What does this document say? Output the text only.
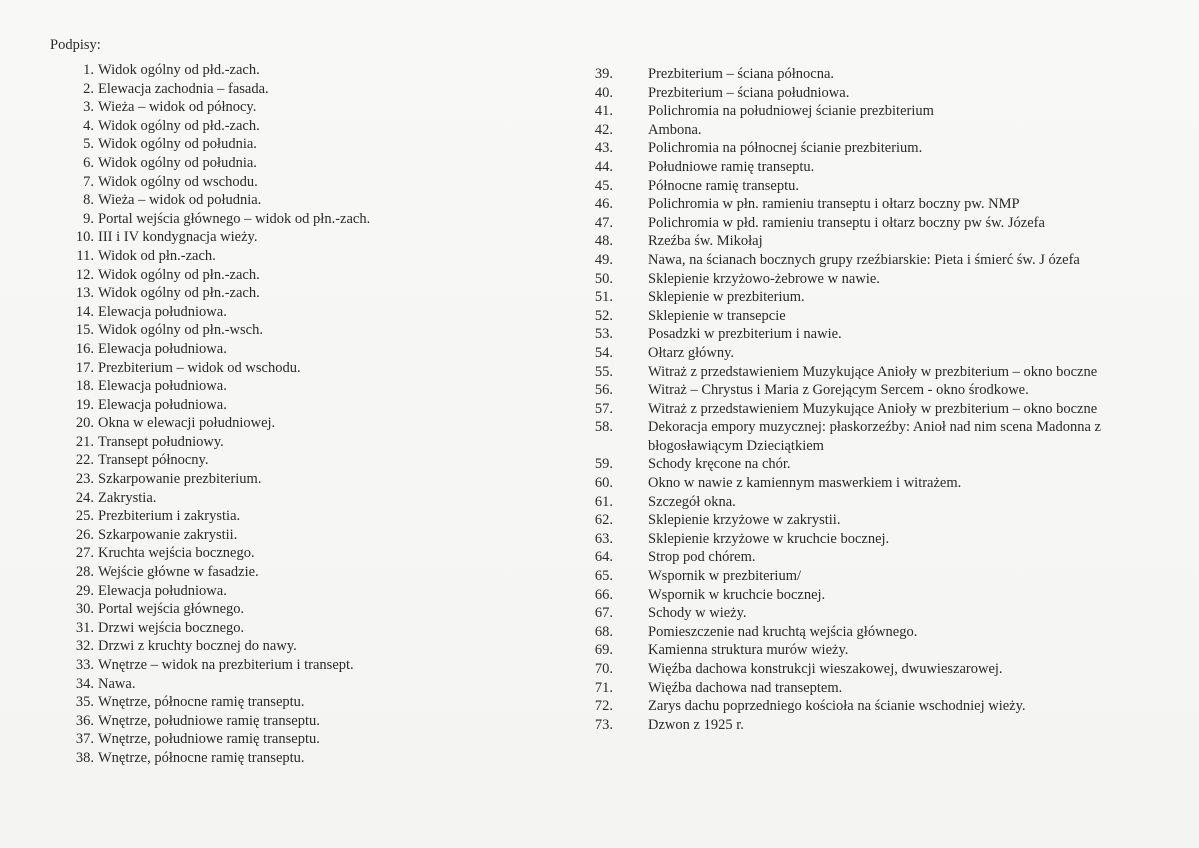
Podpisy:
1. Widok ogólny od płd.-zach.
2. Elewacja zachodnia – fasada.
3. Wieża – widok od północy.
4. Widok ogólny od płd.-zach.
5. Widok ogólny od południa.
6. Widok ogólny od południa.
7. Widok ogólny od wschodu.
8. Wieża – widok od południa.
9. Portal wejścia głównego – widok od płn.-zach.
10. III i IV kondygnacja wieży.
11. Widok od płn.-zach.
12. Widok ogólny od płn.-zach.
13. Widok ogólny od płn.-zach.
14. Elewacja południowa.
15. Widok ogólny od płn.-wsch.
16. Elewacja południowa.
17. Prezbiterium – widok od wschodu.
18. Elewacja południowa.
19. Elewacja południowa.
20. Okna w elewacji południowej.
21. Transept południowy.
22. Transept północny.
23. Szkarpowanie prezbiterium.
24. Zakrystia.
25. Prezbiterium i zakrystia.
26. Szkarpowanie zakrystii.
27. Kruchta wejścia bocznego.
28. Wejście główne w fasadzie.
29. Elewacja południowa.
30. Portal wejścia głównego.
31. Drzwi wejścia bocznego.
32. Drzwi z kruchty bocznej do nawy.
33. Wnętrze – widok na prezbiterium i transept.
34. Nawa.
35. Wnętrze, północne ramię transeptu.
36. Wnętrze, południowe ramię transeptu.
37. Wnętrze, południowe ramię transeptu.
38. Wnętrze, północne ramię transeptu.
39.	Prezbiterium – ściana północna.
40.	Prezbiterium – ściana południowa.
41.	Polichromia na południowej ścianie prezbiterium
42.	Ambona.
43.	Polichromia na północnej ścianie prezbiterium.
44.	Południowe ramię transeptu.
45.	Północne ramię transeptu.
46.	Polichromia w płn. ramieniu transeptu i ołtarz boczny pw. NMP
47.	Polichromia w płd. ramieniu transeptu i ołtarz boczny pw św. Józefa
48.	Rzeźba św. Mikołaj
49.	Nawa, na ścianach bocznych grupy rzeźbiarskie: Pieta i śmierć św. J ózefa
50.	Sklepienie krzyżowo-żebrowe w nawie.
51.	Sklepienie w prezbiterium.
52.	Sklepienie w transepcie
53.	Posadzki w prezbiterium i nawie.
54.	Ołtarz główny.
55.	Witraż z przedstawieniem Muzykujące Anioły w prezbiterium – okno boczne
56.	Witraż – Chrystus i Maria z Gorejącym Sercem - okno środkowe.
57.	Witraż z przedstawieniem Muzykujące Anioły w prezbiterium – okno boczne
58.	Dekoracja empory muzycznej: płaskorzeźby: Anioł nad nim scena Madonna z błogosławiącym Dzieciątkiem
59.	Schody kręcone na chór.
60.	Okno w nawie z kamiennym maswerkiem i witrażem.
61.	Szczegół okna.
62.	Sklepienie krzyżowe w zakrystii.
63.	Sklepienie krzyżowe w kruchcie bocznej.
64.	Strop pod chórem.
65.	Wspornik w prezbiterium/
66.	Wspornik w kruchcie bocznej.
67.	Schody w wieży.
68.	Pomieszczenie nad kruchtą wejścia głównego.
69.	Kamienna struktura murów wieży.
70.	Więźba dachowa konstrukcji wieszakowej, dwuwieszarowej.
71.	Więźba dachowa nad transeptem.
72.	Zarys dachu poprzedniego kościoła na ścianie wschodniej wieży.
73.	Dzwon z 1925 r.
